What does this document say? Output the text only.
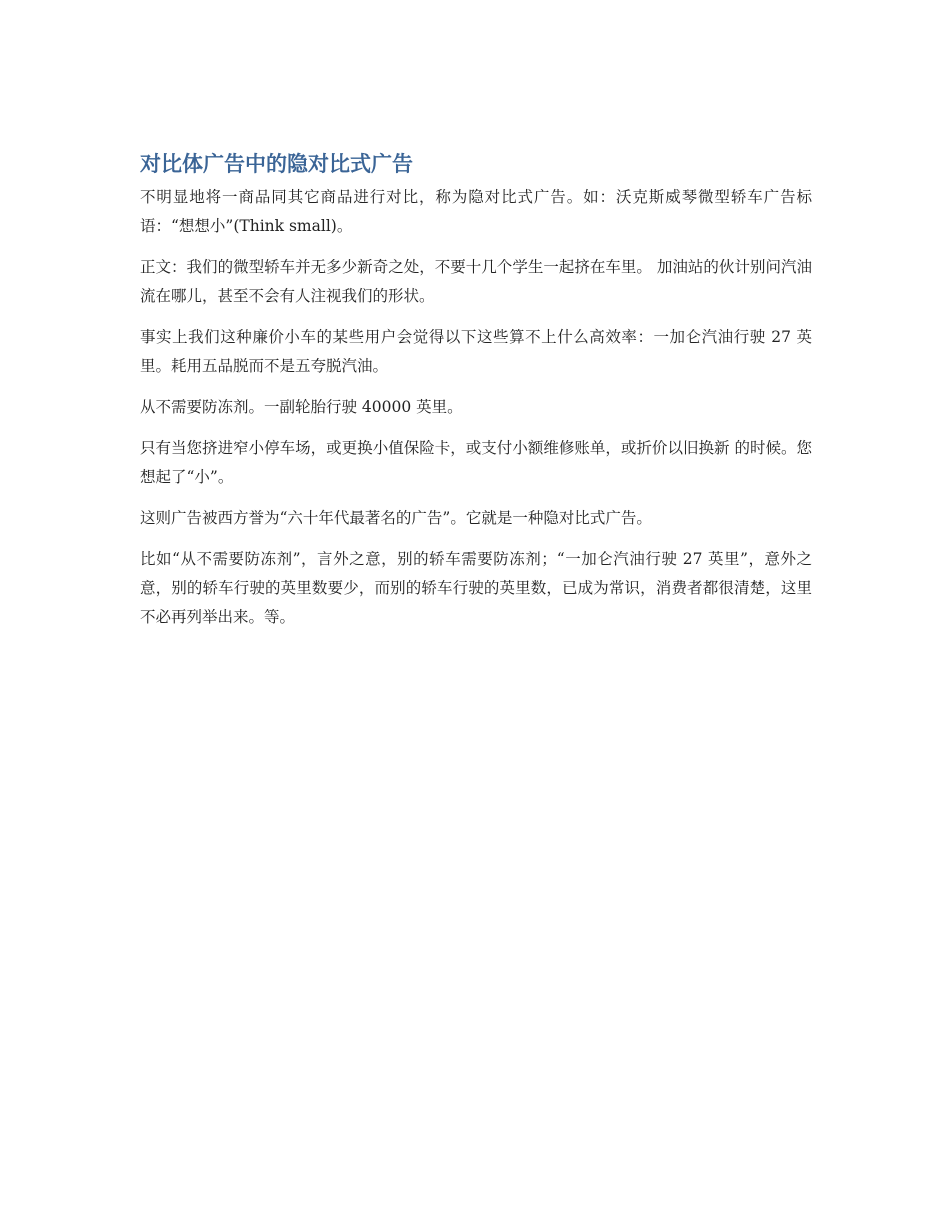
对比体广告中的隐对比式广告

不明显地将一商品同其它商品进行对比，称为隐对比式广告。如：沃克斯威琴微型轿车广告标语：“想想小”(Think small)。

正文：我们的微型轿车并无多少新奇之处，不要十几个学生一起挤在车里。 加油站的伙计别问汽油流在哪儿，甚至不会有人注视我们的形状。

事实上我们这种廉价小车的某些用户会觉得以下这些算不上什么高效率：一加仑汽油行驶 27 英里。耗用五品脱而不是五夸脱汽油。

从不需要防冻剂。一副轮胎行驶 40000 英里。

只有当您挤进窄小停车场，或更换小值保险卡，或支付小额维修账单，或折价以旧换新 的时候。您想起了“小”。

这则广告被西方誉为“六十年代最著名的广告”。它就是一种隐对比式广告。

比如“从不需要防冻剂”，言外之意，别的轿车需要防冻剂；“一加仑汽油行驶 27 英里”，意外之意，别的轿车行驶的英里数要少，而别的轿车行驶的英里数，已成为常识，消费者都很清楚，这里不必再列举出来。等。
